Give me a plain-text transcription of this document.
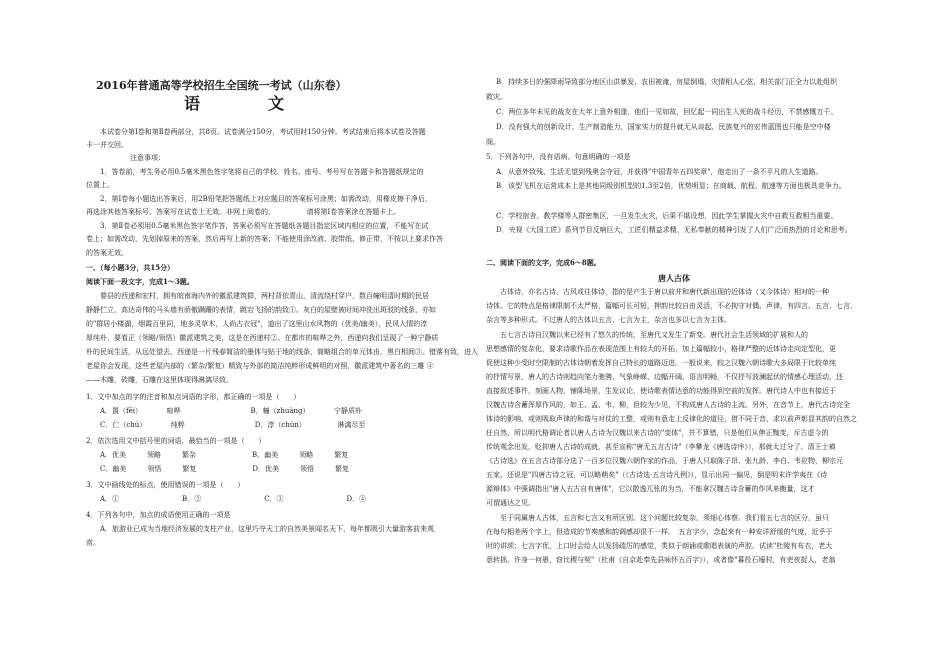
2016年普通高等学校招生全国统一考试（山东卷）
语　文
本试卷分第Ⅰ卷和第Ⅱ卷两部分，共8页。试卷满分150分，考试用时150分钟。考试结束后将本试卷及答题
卡一并交回。
注意事项：
1．答卷前，考生务必用0.5毫米黑色签字笔将自己的学校、姓名、座号、考号写在答题卡和答题纸规定的
位置上。
2．第Ⅰ卷每小题选出答案后，用2B铅笔把答题纸上对应题目的答案标号涂黑；如需改动，用橡皮擦干净后，
再选涂其他答案标号。答案写在试卷上无效。非网上阅卷的，　　　　　请将第Ⅰ卷答案涂在答题卡上。
3．第Ⅱ卷必须用0.5毫米黑色签字笔作答，答案必须写在答题纸各题目指定区域内相应的位置，不能写在试
卷上；如需改动，先划掉原来的答案，然后再写上新的答案；不能使用涂改液、胶带纸、修正带，不按以上要求作答
的答案无效。
一、（每小题3分，共15分）
阅读下面一段文字，完成1～3题。
　　婺县的西递和宏村，拥有皖南海内外的徽派建筑群，两村背依青山，清流绕村穿户，数百幢明清时期的民居
静静伫立，高达奇伟的马头墙有骄傲蹒跚的表情，跳宕飞扬的韵致①。灰白的屋壁被时间冲洗出斑驳的线条，亦如
的"群居小楼湖，烟霞百里同，地多灵草木，人尚古衣冠"，道出了这里山水风物的（优美/幽美），民风人情的淳
厚纯朴，要看正（领略/领悟）徽派建筑之美，这是在西递村②。在都市的喧哗之外，西递向我们呈现了一种宁静质
朴的民间生活，从远处望去，西递是一片残春简洁的墨体与贴于地的线条，简略组合的单元体由，黑白相间③。错落有致，进入
老屋你会发现，这些老屋内部的（繁杂/繁复）精致与外部的简洁纯粹形成鲜明的对照，徽派建筑中著名的三雕 ④
——木雕，砖雕，石雕在这里体现得淋漓尽致。
1．文中加点的字的注音和加点词语的字形，都正确的一项是（　　）
A．置（fēi）　　　　喧哗　　　　　　　　　　B．幢（zhuàng）　　　　宁静质朴
C．仁（chú）　　　　纯粹　　　　　　　　　　D．淳（chún）　　　　　淋漓尽至
2．依次选用文中括号里的词语，最恰当的一项是（　　）
A．优美　　　领略　　　繁杂　　　　　　　　B．幽美　　　领略　　　繁复
C．幽美　　　领悟　　　繁复　　　　　　　　D．优美　　　领悟　　　繁复
3．文中画线处的标点，使用错误的一项是（　　）
A．①　　　　　　　　　B．②　　　　　　　　　C．③　　　　　　　　　D．④
4．下列各句中，加点的成语使用正确的一项是
A．旅游业已成为当地经济发展的支柱产业，这里巧夺天工的自然美景闻名天下，每年都吸引大量游客前来观
赏。
B．持续多日的强降雨导致部分地区山洪暴发，农田被淹，房屋倒塌，灾情相人心弦，相关部门正全力以赴组织
救灾。
C．两位多年未见的战友在大年上意外相逢，他们一见如故，回忆起一同出生入死的战斗经历，不禁感慨万千。
D．没有强大的创新设计、生产制造能力，国家实力的提升就无从谈起，民族复兴的宏伟蓝图也只能是空中楼
阁。
5．下列各句中，没有语病、句意明确的一项是
A．从意外致残、生活无望到残奥会夺冠，并获得"中国青年五四奖章"，他走出了一条不平凡的人生道路。
B．该型飞机在运营成本上是其他同级别机型的1.3至2倍，优势明显；在商载、航程、航速等方面也极具竞争力。
C．学校宿舍、教学楼等人群密集区，一旦发生火灾，后果不堪设想，因此学生掌握火灾中自救互救相当重要。
D．央视《大国工匠》系列节目反响巨大，工匠们精益求精、无私奉献的精神引发了人们广泛而热烈的讨论和思考。
二、阅读下面的文字，完成6～8题。
唐人古体
　　古体诗，亦名古诗、古风或往体诗，指的是产生于唐以前并和唐代新出现的近体诗（又今体诗）相对的一种
诗体。它的特点是格律限制不太严格，篇幅可长可短，押韵比较自由灵活，不必拘守对偶、声律，有四言、五言、七言、
杂言等多种形式。不过唐人的古体以五言、七言为主，杂言也多以七言为主体。
　　五七言古诗自汉魏以来已经有了悠久的传统，至唐代又发生了新变。唐代社会生活领域的扩展和人的
思想感情的复杂化，要求诗歌作品在表现范围上有较大的开拓，加上篇幅较小，格律严整的近体诗走向定型化，更
促使这种少受时空限制的古体诗朝着发挥自己特长的道路迈进。一般说来，较之汉魏六朝诗歌大多局限于比较单纯
的抒情写景，唐人的古诗则趋向笔力驰骋、气象峥嵘、边幅开阔、语言明畅，不仅抒写波澜起伏的情感心理活动，还
直接叙述事件，刻画人物，铺陈场景，生发议论，使诗歌表情达意的功能得到空前的发挥。唐代诗人中也有接近于
汉魏古诗含蓄浑厚作风的，如王、孟、韦、柳，但较为少见，不构成唐人古诗的主流。另外，在音节上，唐代古诗完全
体诗的影响，或则吸取声律的和谐与对仗的工整，或则有意走上反律化的道径，借不同于音，求以前声彰显其韵的自然之
任自然，所以明代格调论者以唐人古诗为汉魏以来古诗的"变体"，并不算错，只是他们从伸正黜变，斥古虚今的
传统观念出发，贬抑唐人古诗的成就，甚至宣称"唐无五言古诗"（李攀龙《唐选诗序》），那就太过分了。清王士禛
《古诗选》在五言古诗部分选了一百多位汉魏六朝作家的作品，于唐人只取陈子昂、张九龄，李白、韦应物，柳宗元
五家。还说是"四唐古诗之冠，可以略萌矣"（《古诗选·五言诗凡例》），显示出同一偏见，倒是明末许学夷在《诗
源辩体》中强调指出"唐人五古自有唐体"，它以散逸兀张的为当，不能拿汉魏古诗含蓄的作风来衡量，这才
可谓通达之见。
　　至于同属唐人古体，五言和七言又有所区别。这个问题比较复杂，须细心体察。我们看五七言的区分，虽只
在每句相差两个字上，但造成的节奏感和韵调感却很不一样。　五言字少，念起来有一种安详舒缓的气度，近乎于
时的讲颂；七言字优，上口时会给人以发扬疏厉的感觉，类似于朗诵或歌唱表演的声腔。试读"杜陵有布衣，老大
意转拙，许身一何愚，窃比稷与契"（杜甫《自京赴奉先县咏怀五百字》），或者像"暮投石壕村，有吏夜捉人，老翁
